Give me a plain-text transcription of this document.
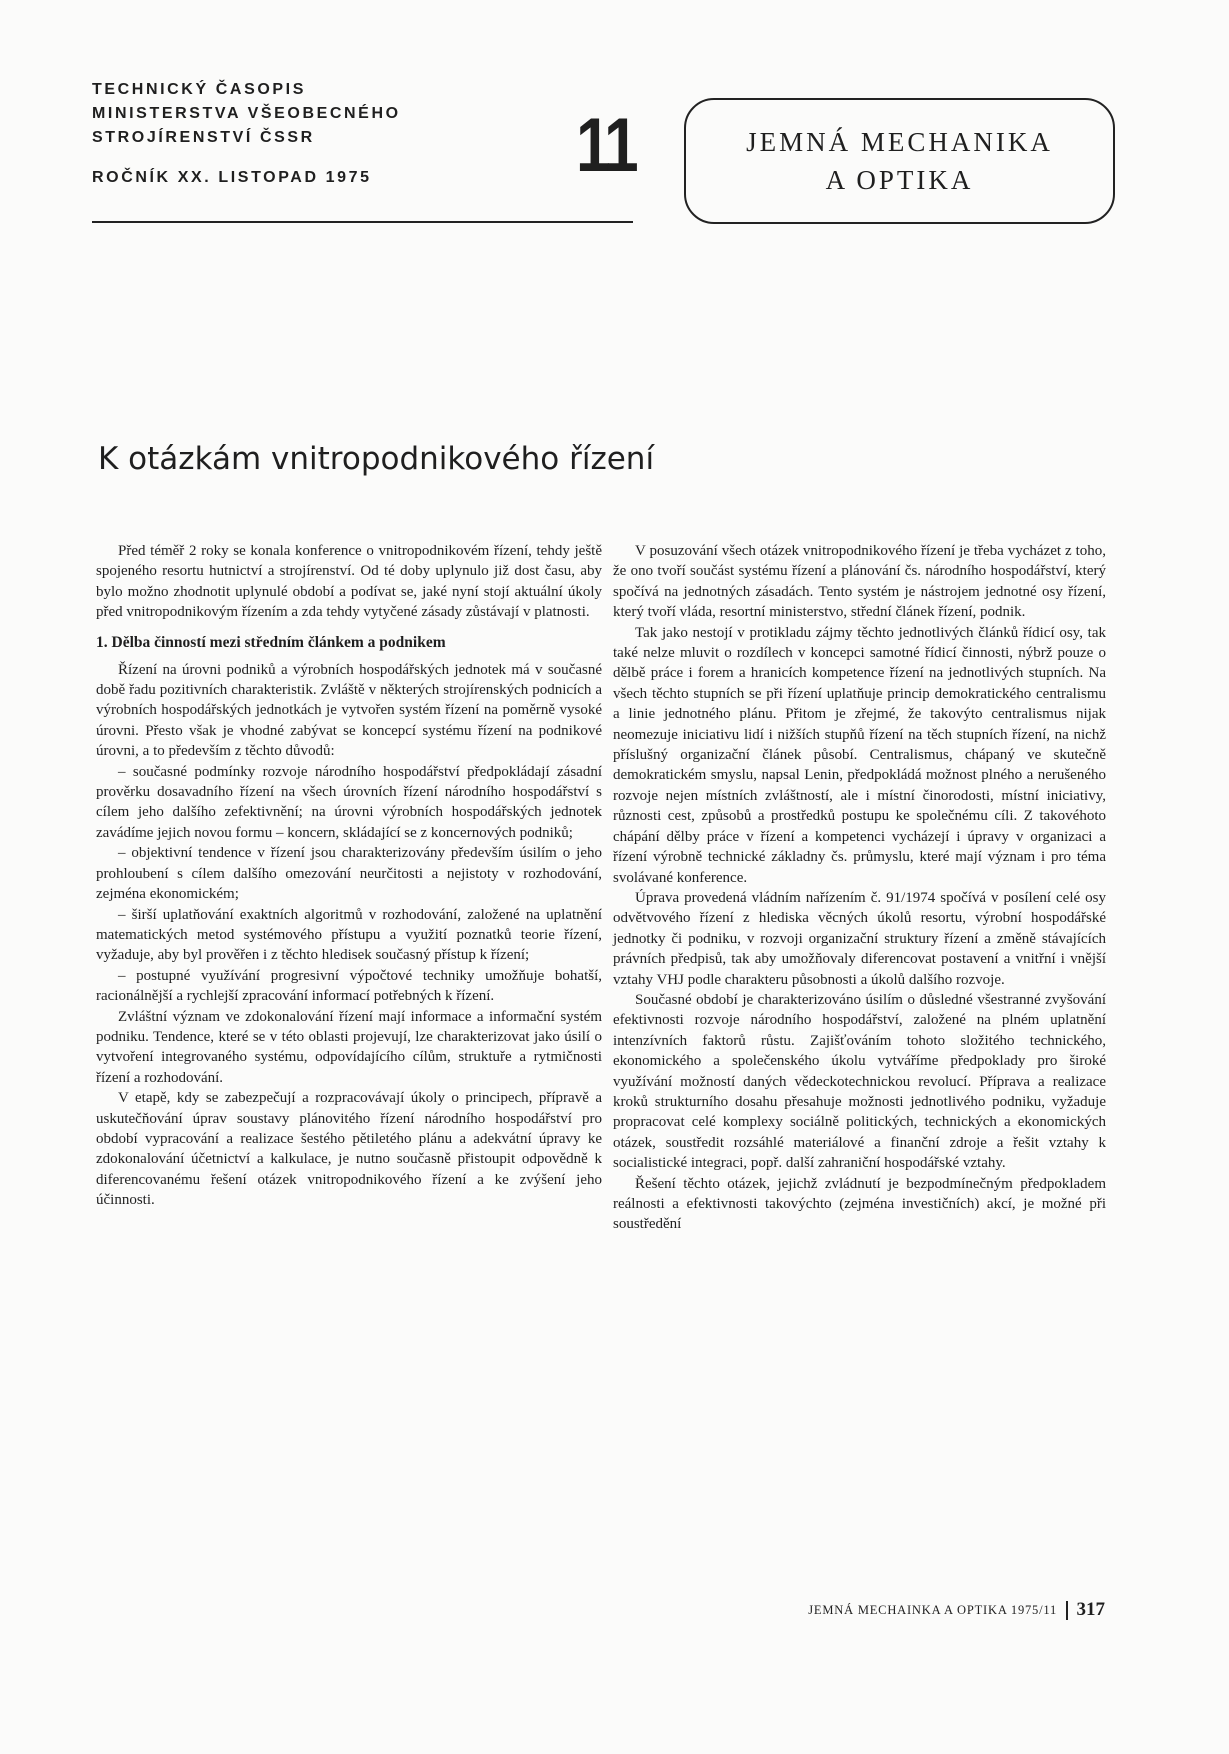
TECHNICKÝ ČASOPIS
MINISTERSTVA VŠEOBECNÉHO
STROJÍRENSTVÍ ČSSR
ROČNÍK XX. LISTOPAD 1975	11	JEMNÁ MECHANIKA
A OPTIKA
K otázkám vnitropodnikového řízení

Před téměř 2 roky se konala konference o vnitropodnikovém řízení, tehdy ještě spojeného resortu hutnictví a strojírenství. Od té doby uplynulo již dost času, aby bylo možno zhodnotit uplynulé období a podívat se, jaké nyní stojí aktuální úkoly před vnitropodnikovým řízením a zda tehdy vytyčené zásady zůstávají v platnosti.

1. Dělba činností mezi středním článkem a podnikem

Řízení na úrovni podniků a výrobních hospodářských jednotek má v současné době řadu pozitivních charakteristik. Zvláště v některých strojírenských podnicích a výrobních hospodářských jednotkách je vytvořen systém řízení na poměrně vysoké úrovni. Přesto však je vhodné zabývat se koncepcí systému řízení na podnikové úrovni, a to především z těchto důvodů:

– současné podmínky rozvoje národního hospodářství předpokládají zásadní prověrku dosavadního řízení na všech úrovních řízení národního hospodářství s cílem jeho dalšího zefektivnění; na úrovni výrobních hospodářských jednotek zavádíme jejich novou formu – koncern, skládající se z koncernových podniků;

– objektivní tendence v řízení jsou charakterizovány především úsilím o jeho prohloubení s cílem dalšího omezování neurčitosti a nejistoty v rozhodování, zejména ekonomickém;

– širší uplatňování exaktních algoritmů v rozhodování, založené na uplatnění matematických metod systémového přístupu a využití poznatků teorie řízení, vyžaduje, aby byl prověřen i z těchto hledisek současný přístup k řízení;

– postupné využívání progresivní výpočtové techniky umožňuje bohatší, racionálnější a rychlejší zpracování informací potřebných k řízení.

Zvláštní význam ve zdokonalování řízení mají informace a informační systém podniku. Tendence, které se v této oblasti projevují, lze charakterizovat jako úsilí o vytvoření integrovaného systému, odpovídajícího cílům, struktuře a rytmičnosti řízení a rozhodování.

V etapě, kdy se zabezpečují a rozpracovávají úkoly o principech, přípravě a uskutečňování úprav soustavy plánovitého řízení národního hospodářství pro období vypracování a realizace šestého pětiletého plánu a adekvátní úpravy ke zdokonalování účetnictví a kalkulace, je nutno současně přistoupit odpovědně k diferencovanému řešení otázek vnitropodnikového řízení a ke zvýšení jeho účinnosti.

V posuzování všech otázek vnitropodnikového řízení je třeba vycházet z toho, že ono tvoří součást systému řízení a plánování čs. národního hospodářství, který spočívá na jednotných zásadách. Tento systém je nástrojem jednotné osy řízení, který tvoří vláda, resortní ministerstvo, střední článek řízení, podnik.

Tak jako nestojí v protikladu zájmy těchto jednotlivých článků řídicí osy, tak také nelze mluvit o rozdílech v koncepci samotné řídicí činnosti, nýbrž pouze o dělbě práce i forem a hranicích kompetence řízení na jednotlivých stupních. Na všech těchto stupních se při řízení uplatňuje princip demokratického centralismu a linie jednotného plánu. Přitom je zřejmé, že takovýto centralismus nijak neomezuje iniciativu lidí i nižších stupňů řízení na těch stupních řízení, na nichž příslušný organizační článek působí. Centralismus, chápaný ve skutečně demokratickém smyslu, napsal Lenin, předpokládá možnost plného a nerušeného rozvoje nejen místních zvláštností, ale i místní činorodosti, místní iniciativy, různosti cest, způsobů a prostředků postupu ke společnému cíli. Z takovéhoto chápání dělby práce v řízení a kompetenci vycházejí i úpravy v organizaci a řízení výrobně technické základny čs. průmyslu, které mají význam i pro téma svolávané konference.

Úprava provedená vládním nařízením č. 91/1974 spočívá v posílení celé osy odvětvového řízení z hlediska věcných úkolů resortu, výrobní hospodářské jednotky či podniku, v rozvoji organizační struktury řízení a změně stávajících právních předpisů, tak aby umožňovaly diferencovat postavení a vnitřní i vnější vztahy VHJ podle charakteru působnosti a úkolů dalšího rozvoje.

Současné období je charakterizováno úsilím o důsledné všestranné zvyšování efektivnosti rozvoje národního hospodářství, založené na plném uplatnění intenzívních faktorů růstu. Zajišťováním tohoto složitého technického, ekonomického a společenského úkolu vytváříme předpoklady pro široké využívání možností daných vědeckotechnickou revolucí. Příprava a realizace kroků strukturního dosahu přesahuje možnosti jednotlivého podniku, vyžaduje propracovat celé komplexy sociálně politických, technických a ekonomických otázek, soustředit rozsáhlé materiálové a finanční zdroje a řešit vztahy k socialistické integraci, popř. další zahraniční hospodářské vztahy.

Řešení těchto otázek, jejichž zvládnutí je bezpodmínečným předpokladem reálnosti a efektivnosti takovýchto (zejména investičních) akcí, je možné při soustředění

JEMNÁ MECHAINKA A OPTIKA 1975/11 317
